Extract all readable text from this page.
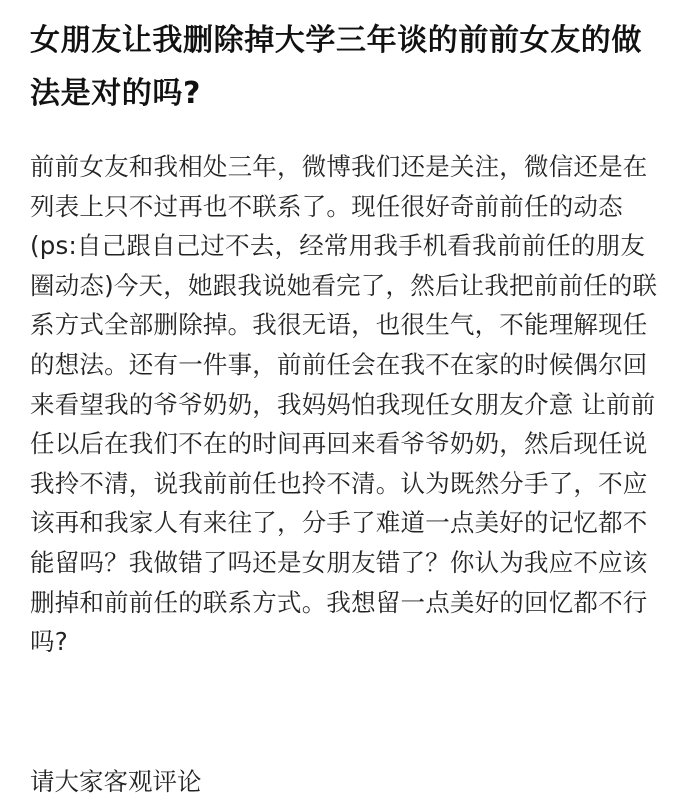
女朋友让我删除掉大学三年谈的前前女友的做法是对的吗?

前前女友和我相处三年，微博我们还是关注，微信还是在列表上只不过再也不联系了。现任很好奇前前任的动态(ps:自己跟自己过不去，经常用我手机看我前前任的朋友圈动态)今天，她跟我说她看完了，然后让我把前前任的联系方式全部删除掉。我很无语，也很生气，不能理解现任的想法。还有一件事，前前任会在我不在家的时候偶尔回来看望我的爷爷奶奶，我妈妈怕我现任女朋友介意 让前前任以后在我们不在的时间再回来看爷爷奶奶，然后现任说我拎不清，说我前前任也拎不清。认为既然分手了，不应该再和我家人有来往了，分手了难道一点美好的记忆都不能留吗？我做错了吗还是女朋友错了？你认为我应不应该删掉和前前任的联系方式。我想留一点美好的回忆都不行吗?

请大家客观评论
